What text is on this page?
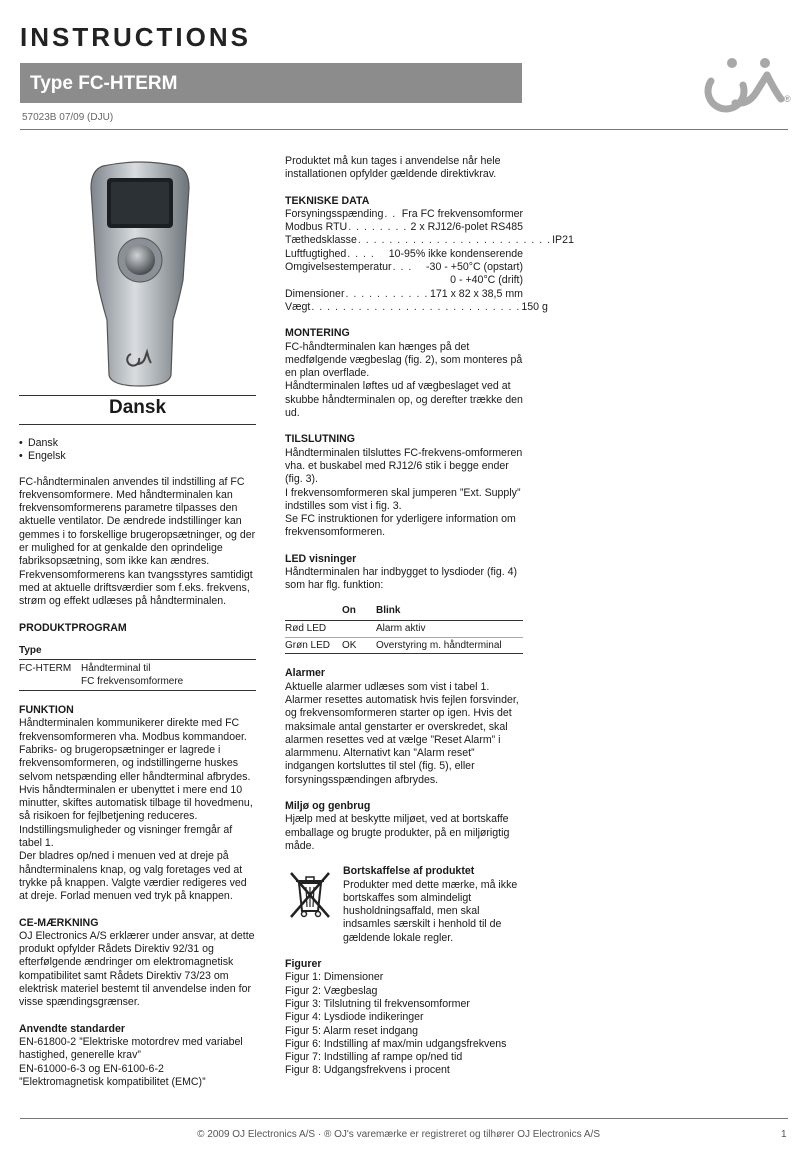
INSTRUCTIONS
Type FC-HTERM
57023B 07/09 (DJU)
®
Dansk
• Dansk
• Engelsk
FC-håndterminalen anvendes til indstilling af FC frekvensomformere. Med håndterminalen kan frekvensomformerens parametre tilpasses den aktuelle ventilator. De ændrede indstillinger kan gemmes i to forskellige brugeropsætninger, og der er mulighed for at genkalde den oprindelige fabriksopsætning, som ikke kan ændres. Frekvensomformerens kan tvangsstyres samtidigt med at aktuelle driftsværdier som f.eks. frekvens, strøm og effekt udlæses på håndterminalen.
PRODUKTPROGRAM
Type
FC-HTERM	Håndterminal til
FC frekvensomformere
FUNKTION
Håndterminalen kommunikerer direkte med FC frekvensomformeren vha. Modbus kommandoer. Fabriks- og brugeropsætninger er lagrede i frekvensomformeren, og indstillingerne huskes selvom netspænding eller håndterminal afbrydes. Hvis håndterminalen er ubenyttet i mere end 10 minutter, skiftes automatisk tilbage til hovedmenu, så risikoen for fejlbetjening reduceres. Indstillingsmuligheder og visninger fremgår af tabel 1.
Der bladres op/ned i menuen ved at dreje på håndterminalens knap, og valg foretages ved at trykke på knappen. Valgte værdier redigeres ved at dreje. Forlad menuen ved tryk på knappen.
CE-MÆRKNING
OJ Electronics A/S erklærer under ansvar, at dette produkt opfylder Rådets Direktiv 92/31 og efterfølgende ændringer om elektromagnetisk kompatibilitet samt Rådets Direktiv 73/23 om elektrisk materiel bestemt til anvendelse inden for visse spændingsgrænser.
Anvendte standarder
EN-61800-2 ”Elektriske motordrev med variabel hastighed, generelle krav”
EN-61000-6-3 og EN-6100-6-2
”Elektromagnetisk kompatibilitet (EMC)”
Produktet må kun tages i anvendelse når hele installationen opfylder gældende direktivkrav.
TEKNISKE DATA
Forsyningsspænding . . Fra FC frekvensomformer
Modbus RTU . . . . . . . . 2 x RJ12/6-polet RS485
Tæthedsklasse . . . . . . . . . . . . . . . . . . . . . . . . . IP21
Luftfugtighed . . . .	10-95% ikke kondenserende
Omgivelsestemperatur . . .	-30 - +50°C (opstart)
0 - +40°C (drift)
Dimensioner . . . . . . . . . . . 171 x 82 x 38,5 mm
Vægt . . . . . . . . . . . . . . . . . . . . . . . . . . . 150 g
MONTERING
FC-håndterminalen kan hænges på det medfølgende vægbeslag (fig. 2), som monteres på en plan overflade.
Håndterminalen løftes ud af vægbeslaget ved at skubbe håndterminalen op, og derefter trække den ud.
TILSLUTNING
Håndterminalen tilsluttes FC-frekvens-omformeren vha. et buskabel med RJ12/6 stik i begge ender (fig. 3).
I frekvensomformeren skal jumperen ”Ext. Supply” indstilles som vist i fig. 3.
Se FC instruktionen for yderligere information om frekvensomformeren.
LED visninger
Håndterminalen har indbygget to lysdioder (fig. 4) som har flg. funktion:
	On	Blink
Rød LED		Alarm aktiv
Grøn LED	OK	Overstyring m. håndterminal
Alarmer
Aktuelle alarmer udlæses som vist i tabel 1. Alarmer resettes automatisk hvis fejlen forsvinder, og frekvensomformeren starter op igen. Hvis det maksimale antal genstarter er overskredet, skal alarmen resettes ved at vælge ”Reset Alarm” i alarmmenu. Alternativt kan ”Alarm reset” indgangen kortsluttes til stel (fig. 5), eller forsyningsspændingen afbrydes.
Miljø og genbrug
Hjælp med at beskytte miljøet, ved at bortskaffe emballage og brugte produkter, på en miljørigtig måde.
Bortskaffelse af produktet
Produkter med dette mærke, må ikke bortskaffes som almindeligt husholdningsaffald, men skal indsamles særskilt i henhold til de gældende lokale regler.
Figurer
Figur 1: Dimensioner
Figur 2: Vægbeslag
Figur 3: Tilslutning til frekvensomformer
Figur 4: Lysdiode indikeringer
Figur 5: Alarm reset indgang
Figur 6: Indstilling af max/min udgangsfrekvens
Figur 7: Indstilling af rampe op/ned tid
Figur 8: Udgangsfrekvens i procent
© 2009 OJ Electronics A/S · ® OJ's varemærke er registreret og tilhører OJ Electronics A/S	1
